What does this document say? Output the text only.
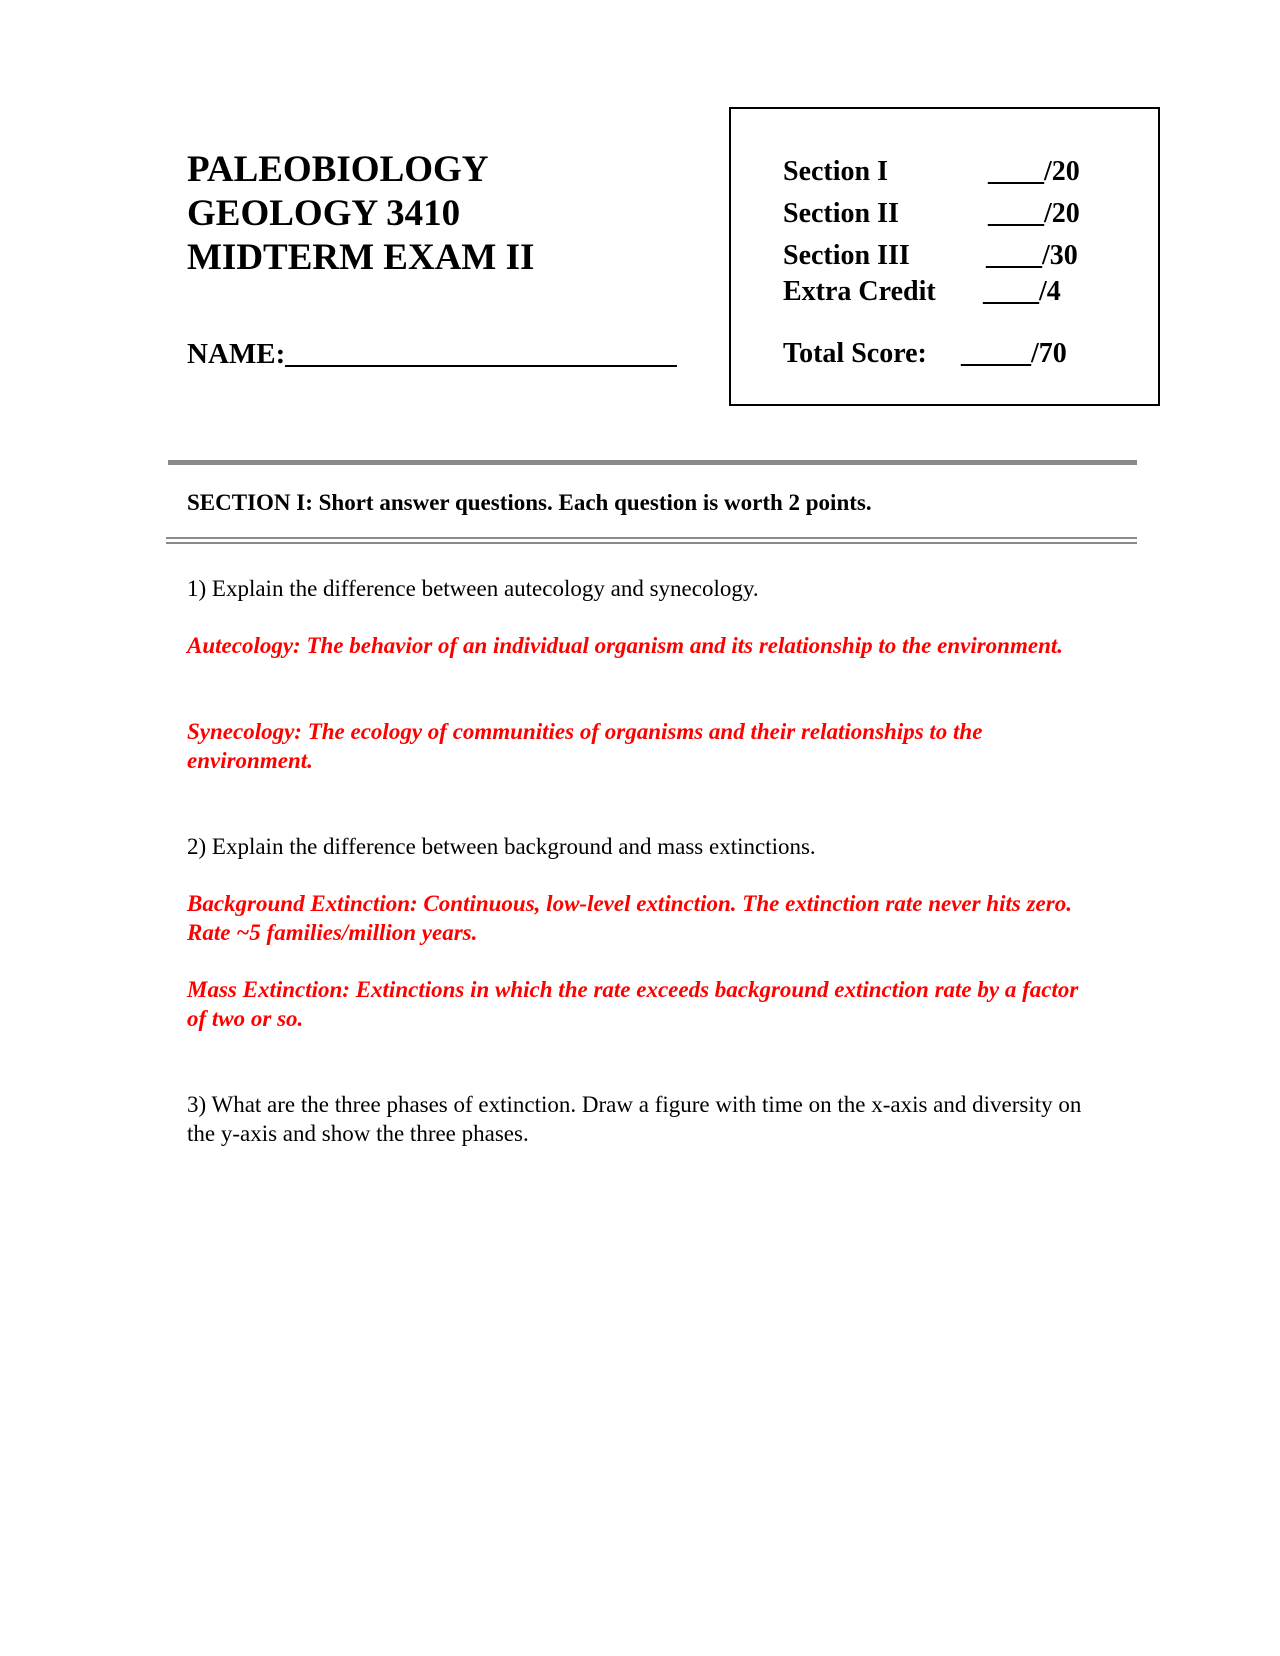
PALEOBIOLOGY
GEOLOGY 3410
MIDTERM EXAM II
NAME:___________________________
Section I	____/20
Section II	____/20
Section III	____/30
Extra Credit ____/4
Total Score: _____/70
SECTION I: Short answer questions. Each question is worth 2 points.
1) Explain the difference between autecology and synecology.
Autecology: The behavior of an individual organism and its relationship to the environment.
Synecology: The ecology of communities of organisms and their relationships to the environment.
2) Explain the difference between background and mass extinctions.
Background Extinction: Continuous, low-level extinction. The extinction rate never hits zero. Rate ~5 families/million years.
Mass Extinction: Extinctions in which the rate exceeds background extinction rate by a factor of two or so.
3) What are the three phases of extinction. Draw a figure with time on the x-axis and diversity on the y-axis and show the three phases.
